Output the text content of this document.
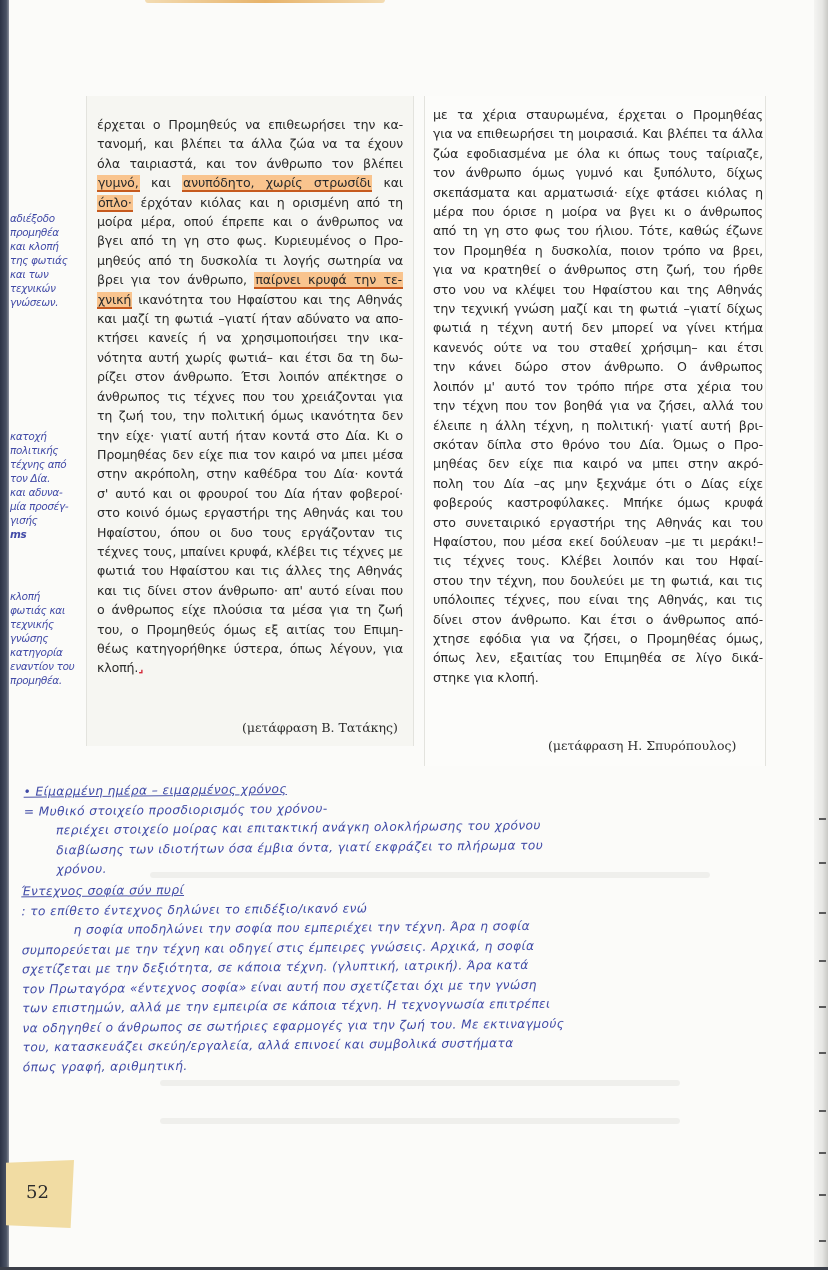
έρχεται ο Προμηθεύς να επιθεωρήσει την κα-
τανομή, και βλέπει τα άλλα ζώα να τα έχουν
όλα ταιριαστά, και τον άνθρωπο τον βλέπει
γυμνό, και ανυπόδητο, χωρίς στρωσίδι και
όπλο· έρχόταν κιόλας και η ορισμένη από τη
μοίρα μέρα, οπού έπρεπε και ο άνθρωπος να
βγει από τη γη στο φως. Κυριευμένος ο Προ-
μηθεύς από τη δυσκολία τι λογής σωτηρία να
βρει για τον άνθρωπο, παίρνει κρυφά την τε-
χνική ικανότητα του Ηφαίστου και της Αθηνάς
και μαζί τη φωτιά –γιατί ήταν αδύνατο να απο-
κτήσει κανείς ή να χρησιμοποιήσει την ικα-
νότητα αυτή χωρίς φωτιά– και έτσι δα τη δω-
ρίζει στον άνθρωπο. Έτσι λοιπόν απέκτησε ο
άνθρωπος τις τέχνες που του χρειάζονται για
τη ζωή του, την πολιτική όμως ικανότητα δεν
την είχε· γιατί αυτή ήταν κοντά στο Δία. Κι ο
Προμηθέας δεν είχε πια τον καιρό να μπει μέσα
στην ακρόπολη, στην καθέδρα του Δία· κοντά
σ' αυτό και οι φρουροί του Δία ήταν φοβεροί·
στο κοινό όμως εργαστήρι της Αθηνάς και του
Ηφαίστου, όπου οι δυο τους εργάζονταν τις
τέχνες τους, μπαίνει κρυφά, κλέβει τις τέχνες με
φωτιά του Ηφαίστου και τις άλλες της Αθηνάς
και τις δίνει στον άνθρωπο· απ' αυτό είναι που
ο άνθρωπος είχε πλούσια τα μέσα για τη ζωή
του, ο Προμηθεύς όμως εξ αιτίας του Επιμη-
θέως κατηγορήθηκε ύστερα, όπως λέγουν, για
κλοπή.⌟
(μετάφραση Β. Τατάκης)
με τα χέρια σταυρωμένα, έρχεται ο Προμηθέας
για να επιθεωρήσει τη μοιρασιά. Και βλέπει τα άλλα
ζώα εφοδιασμένα με όλα κι όπως τους ταίριαζε,
τον άνθρωπο όμως γυμνό και ξυπόλυτο, δίχως
σκεπάσματα και αρματωσιά· είχε φτάσει κιόλας η
μέρα που όρισε η μοίρα να βγει κι ο άνθρωπος
από τη γη στο φως του ήλιου. Τότε, καθώς έζωνε
τον Προμηθέα η δυσκολία, ποιον τρόπο να βρει,
για να κρατηθεί ο άνθρωπος στη ζωή, του ήρθε
στο νου να κλέψει του Ηφαίστου και της Αθηνάς
την τεχνική γνώση μαζί και τη φωτιά –γιατί δίχως
φωτιά η τέχνη αυτή δεν μπορεί να γίνει κτήμα
κανενός ούτε να του σταθεί χρήσιμη– και έτσι
την κάνει δώρο στον άνθρωπο. Ο άνθρωπος
λοιπόν μ' αυτό τον τρόπο πήρε στα χέρια του
την τέχνη που τον βοηθά για να ζήσει, αλλά του
έλειπε η άλλη τέχνη, η πολιτική· γιατί αυτή βρι-
σκόταν δίπλα στο θρόνο του Δία. Όμως ο Προ-
μηθέας δεν είχε πια καιρό να μπει στην ακρό-
πολη του Δία –ας μην ξεχνάμε ότι ο Δίας είχε
φοβερούς καστροφύλακες. Μπήκε όμως κρυφά
στο συνεταιρικό εργαστήρι της Αθηνάς και του
Ηφαίστου, που μέσα εκεί δούλευαν –με τι μεράκι!–
τις τέχνες τους. Κλέβει λοιπόν και του Ηφαί-
στου την τέχνη, που δουλεύει με τη φωτιά, και τις
υπόλοιπες τέχνες, που είναι της Αθηνάς, και τις
δίνει στον άνθρωπο. Και έτσι ο άνθρωπος από-
χτησε εφόδια για να ζήσει, ο Προμηθέας όμως,
όπως λεν, εξαιτίας του Επιμηθέα σε λίγο δικά-
στηκε για κλοπή.
(μετάφραση Η. Σπυρόπουλος)
αδιέξοδο
προμηθέα
και κλοπή
της φωτιάς
και των
τεχνικών
γνώσεων.
κατοχή
πολιτικής
τέχνης από
τον Δία.
και αδυνα-
μία προσέγ-
γισής
ms
κλοπή
φωτιάς και
τεχνικής
γνώσης
κατηγορία
εναντίον του
προμηθέα.
• Είμαρμένη ημέρα – ειμαρμένος χρόνος
= Μυθικό στοιχείο προσδιορισμός του χρόνου-
περιέχει στοιχείο μοίρας και επιτακτική ανάγκη ολοκλήρωσης του χρόνου
διαβίωσης των ιδιοτήτων όσα έμβια όντα, γιατί εκφράζει το πλήρωμα του
χρόνου.
Έντεχνος σοφία σύν πυρί
: το επίθετο έντεχνος δηλώνει το επιδέξιο/ικανό ενώ
η σοφία υποδηλώνει την σοφία που εμπεριέχει την τέχνη. Άρα η σοφία
συμπορεύεται με την τέχνη και οδηγεί στις έμπειρες γνώσεις. Αρχικά, η σοφία
σχετίζεται με την δεξιότητα, σε κάποια τέχνη. (γλυπτική, ιατρική). Άρα κατά
τον Πρωταγόρα «έντεχνος σοφία» είναι αυτή που σχετίζεται όχι με την γνώση
των επιστημών, αλλά με την εμπειρία σε κάποια τέχνη. Η τεχνογνωσία επιτρέπει
να οδηγηθεί ο άνθρωπος σε σωτήριες εφαρμογές για την ζωή του. Με εκτιναγμούς
του, κατασκευάζει σκεύη/εργαλεία, αλλά επινοεί και συμβολικά συστήματα
όπως γραφή, αριθμητική.
52
